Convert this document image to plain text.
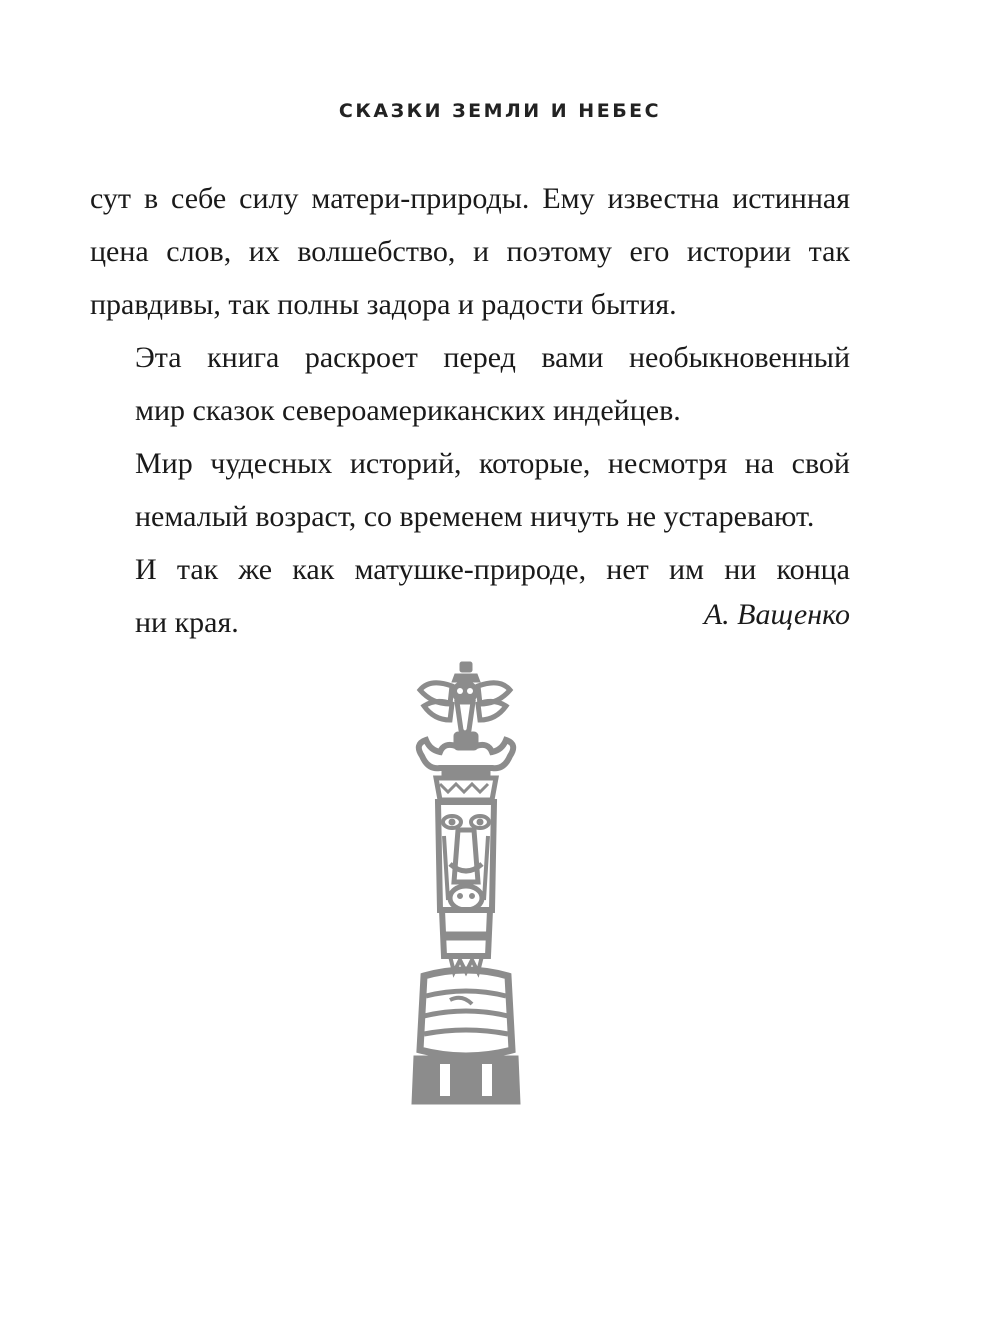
СКАЗКИ ЗЕМЛИ И НЕБЕС

сут в себе силу матери-природы. Ему известна истинная
цена слов, их волшебство, и поэтому его истории так
правдивы, так полны задора и радости бытия.

Эта книга раскроет перед вами необыкновенный
мир сказок североамериканских индейцев.

Мир чудесных историй, которые, несмотря на свой
немалый возраст, со временем ничуть не устаревают.

И так же как матушке-природе, нет им ни конца
ни края.	А. Ващенко
